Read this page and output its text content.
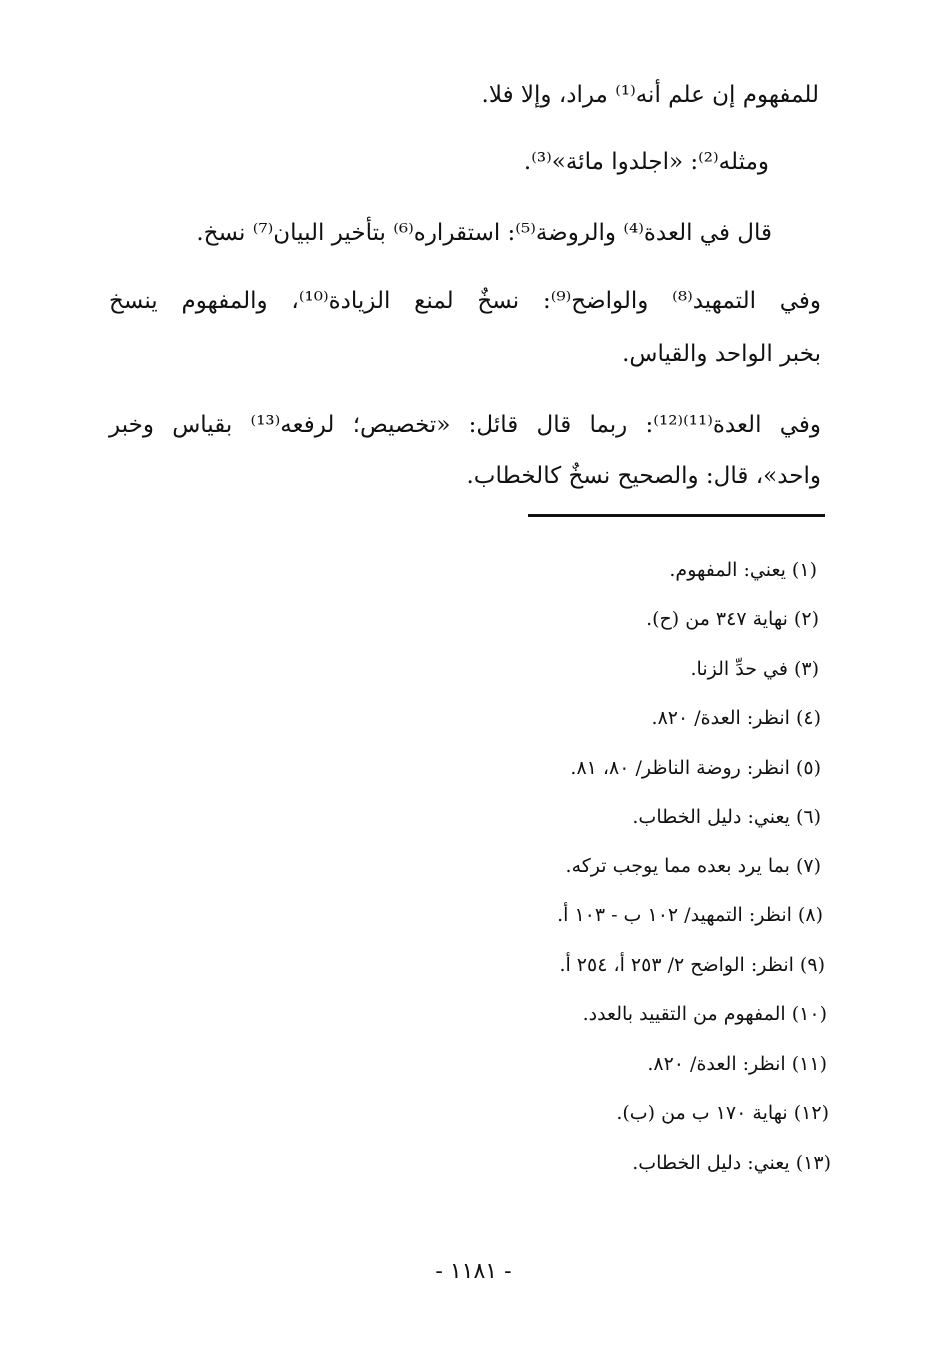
للمفهوم إن علم أنه⁽¹⁾ مراد، وإلا فلا.
ومثله⁽²⁾: «اجلدوا مائة»⁽³⁾.
قال في العدة⁽⁴⁾ والروضة⁽⁵⁾: استقراره⁽⁶⁾ بتأخير البيان⁽⁷⁾ نسخ.
وفي التمهيد⁽⁸⁾ والواضح⁽⁹⁾: نسخٌ لمنع الزيادة⁽¹⁰⁾، والمفهوم ينسخ
بخبر الواحد والقياس.
وفي العدة⁽¹¹⁾⁽¹²⁾: ربما قال قائل: «تخصيص؛ لرفعه⁽¹³⁾ بقياس وخبر
واحد»، قال: والصحيح نسخٌ كالخطاب.
(١) يعني: المفهوم.
(٢) نهاية ٣٤٧ من (ح).
(٣) في حدِّ الزنا.
(٤) انظر: العدة/ ٨٢٠.
(٥) انظر: روضة الناظر/ ٨٠، ٨١.
(٦) يعني: دليل الخطاب.
(٧) بما يرد بعده مما يوجب تركه.
(٨) انظر: التمهيد/ ١٠٢ ب - ١٠٣ أ.
(٩) انظر: الواضح ٢/ ٢٥٣ أ، ٢٥٤ أ.
(١٠) المفهوم من التقييد بالعدد.
(١١) انظر: العدة/ ٨٢٠.
(١٢) نهاية ١٧٠ ب من (ب).
(١٣) يعني: دليل الخطاب.
- ١١٨١ -
